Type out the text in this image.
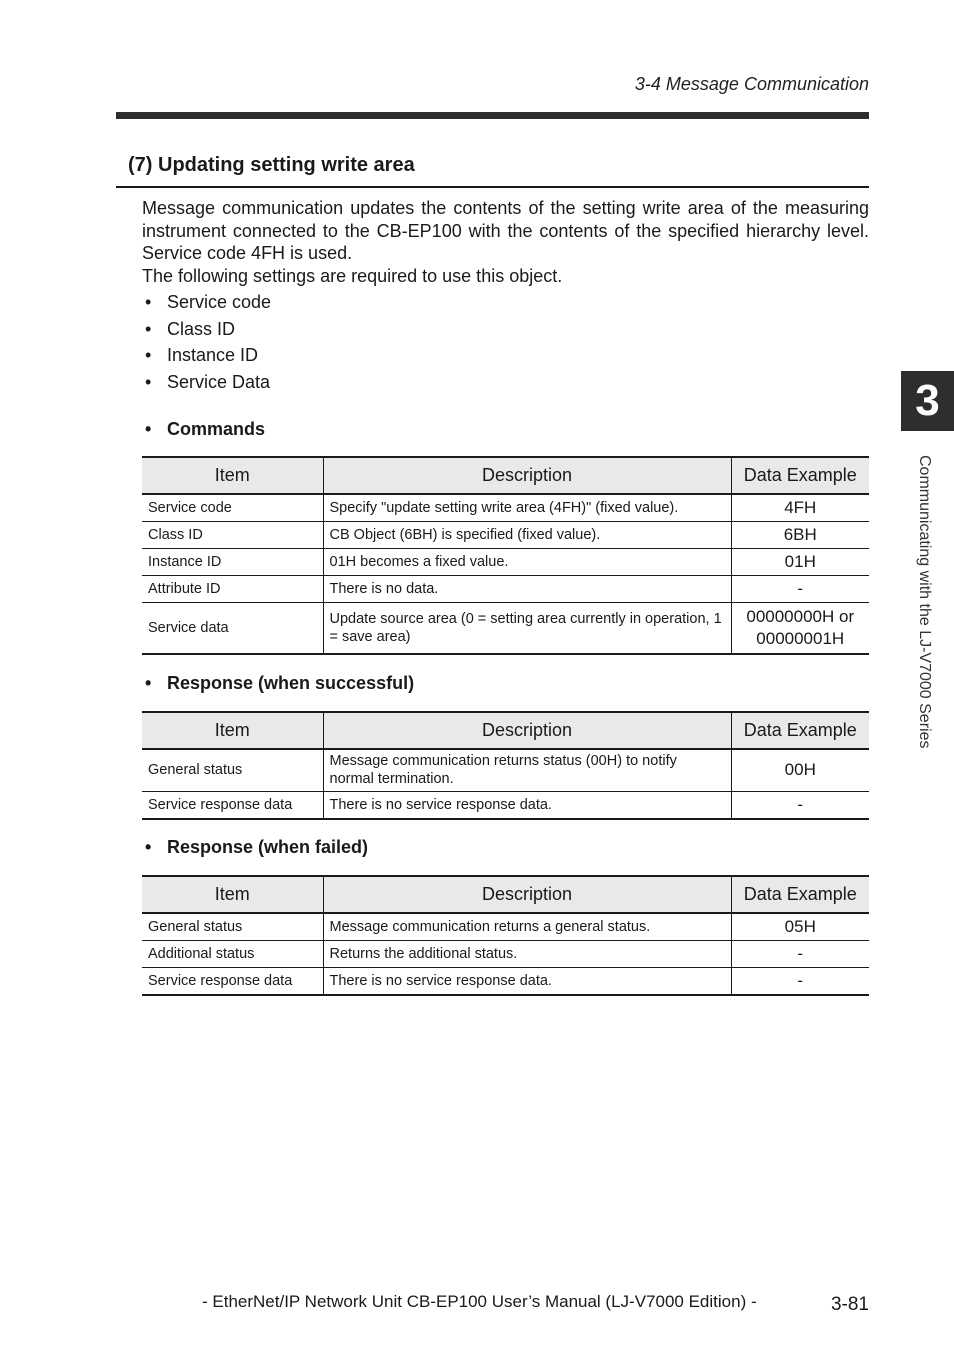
3-4 Message Communication
(7) Updating setting write area
Message communication updates the contents of the setting write area of the measuring instrument connected to the CB-EP100 with the contents of the specified hierarchy level. Service code 4FH is used.
The following settings are required to use this object.
• Service code
• Class ID
• Instance ID
• Service Data
• Commands
Item	Description	Data Example
Service code	Specify "update setting write area (4FH)" (fixed value).	4FH
Class ID	CB Object (6BH) is specified (fixed value).	6BH
Instance ID	01H becomes a fixed value.	01H
Attribute ID	There is no data.	-
Service data	Update source area (0 = setting area currently in operation, 1 = save area)	00000000H or 00000001H
• Response (when successful)
Item	Description	Data Example
General status	Message communication returns status (00H) to notify normal termination.	00H
Service response data	There is no service response data.	-
• Response (when failed)
Item	Description	Data Example
General status	Message communication returns a general status.	05H
Additional status	Returns the additional status.	-
Service response data	There is no service response data.	-
3
Communicating with the LJ-V7000 Series
- EtherNet/IP Network Unit CB-EP100 User’s Manual (LJ-V7000 Edition) -	3-81
